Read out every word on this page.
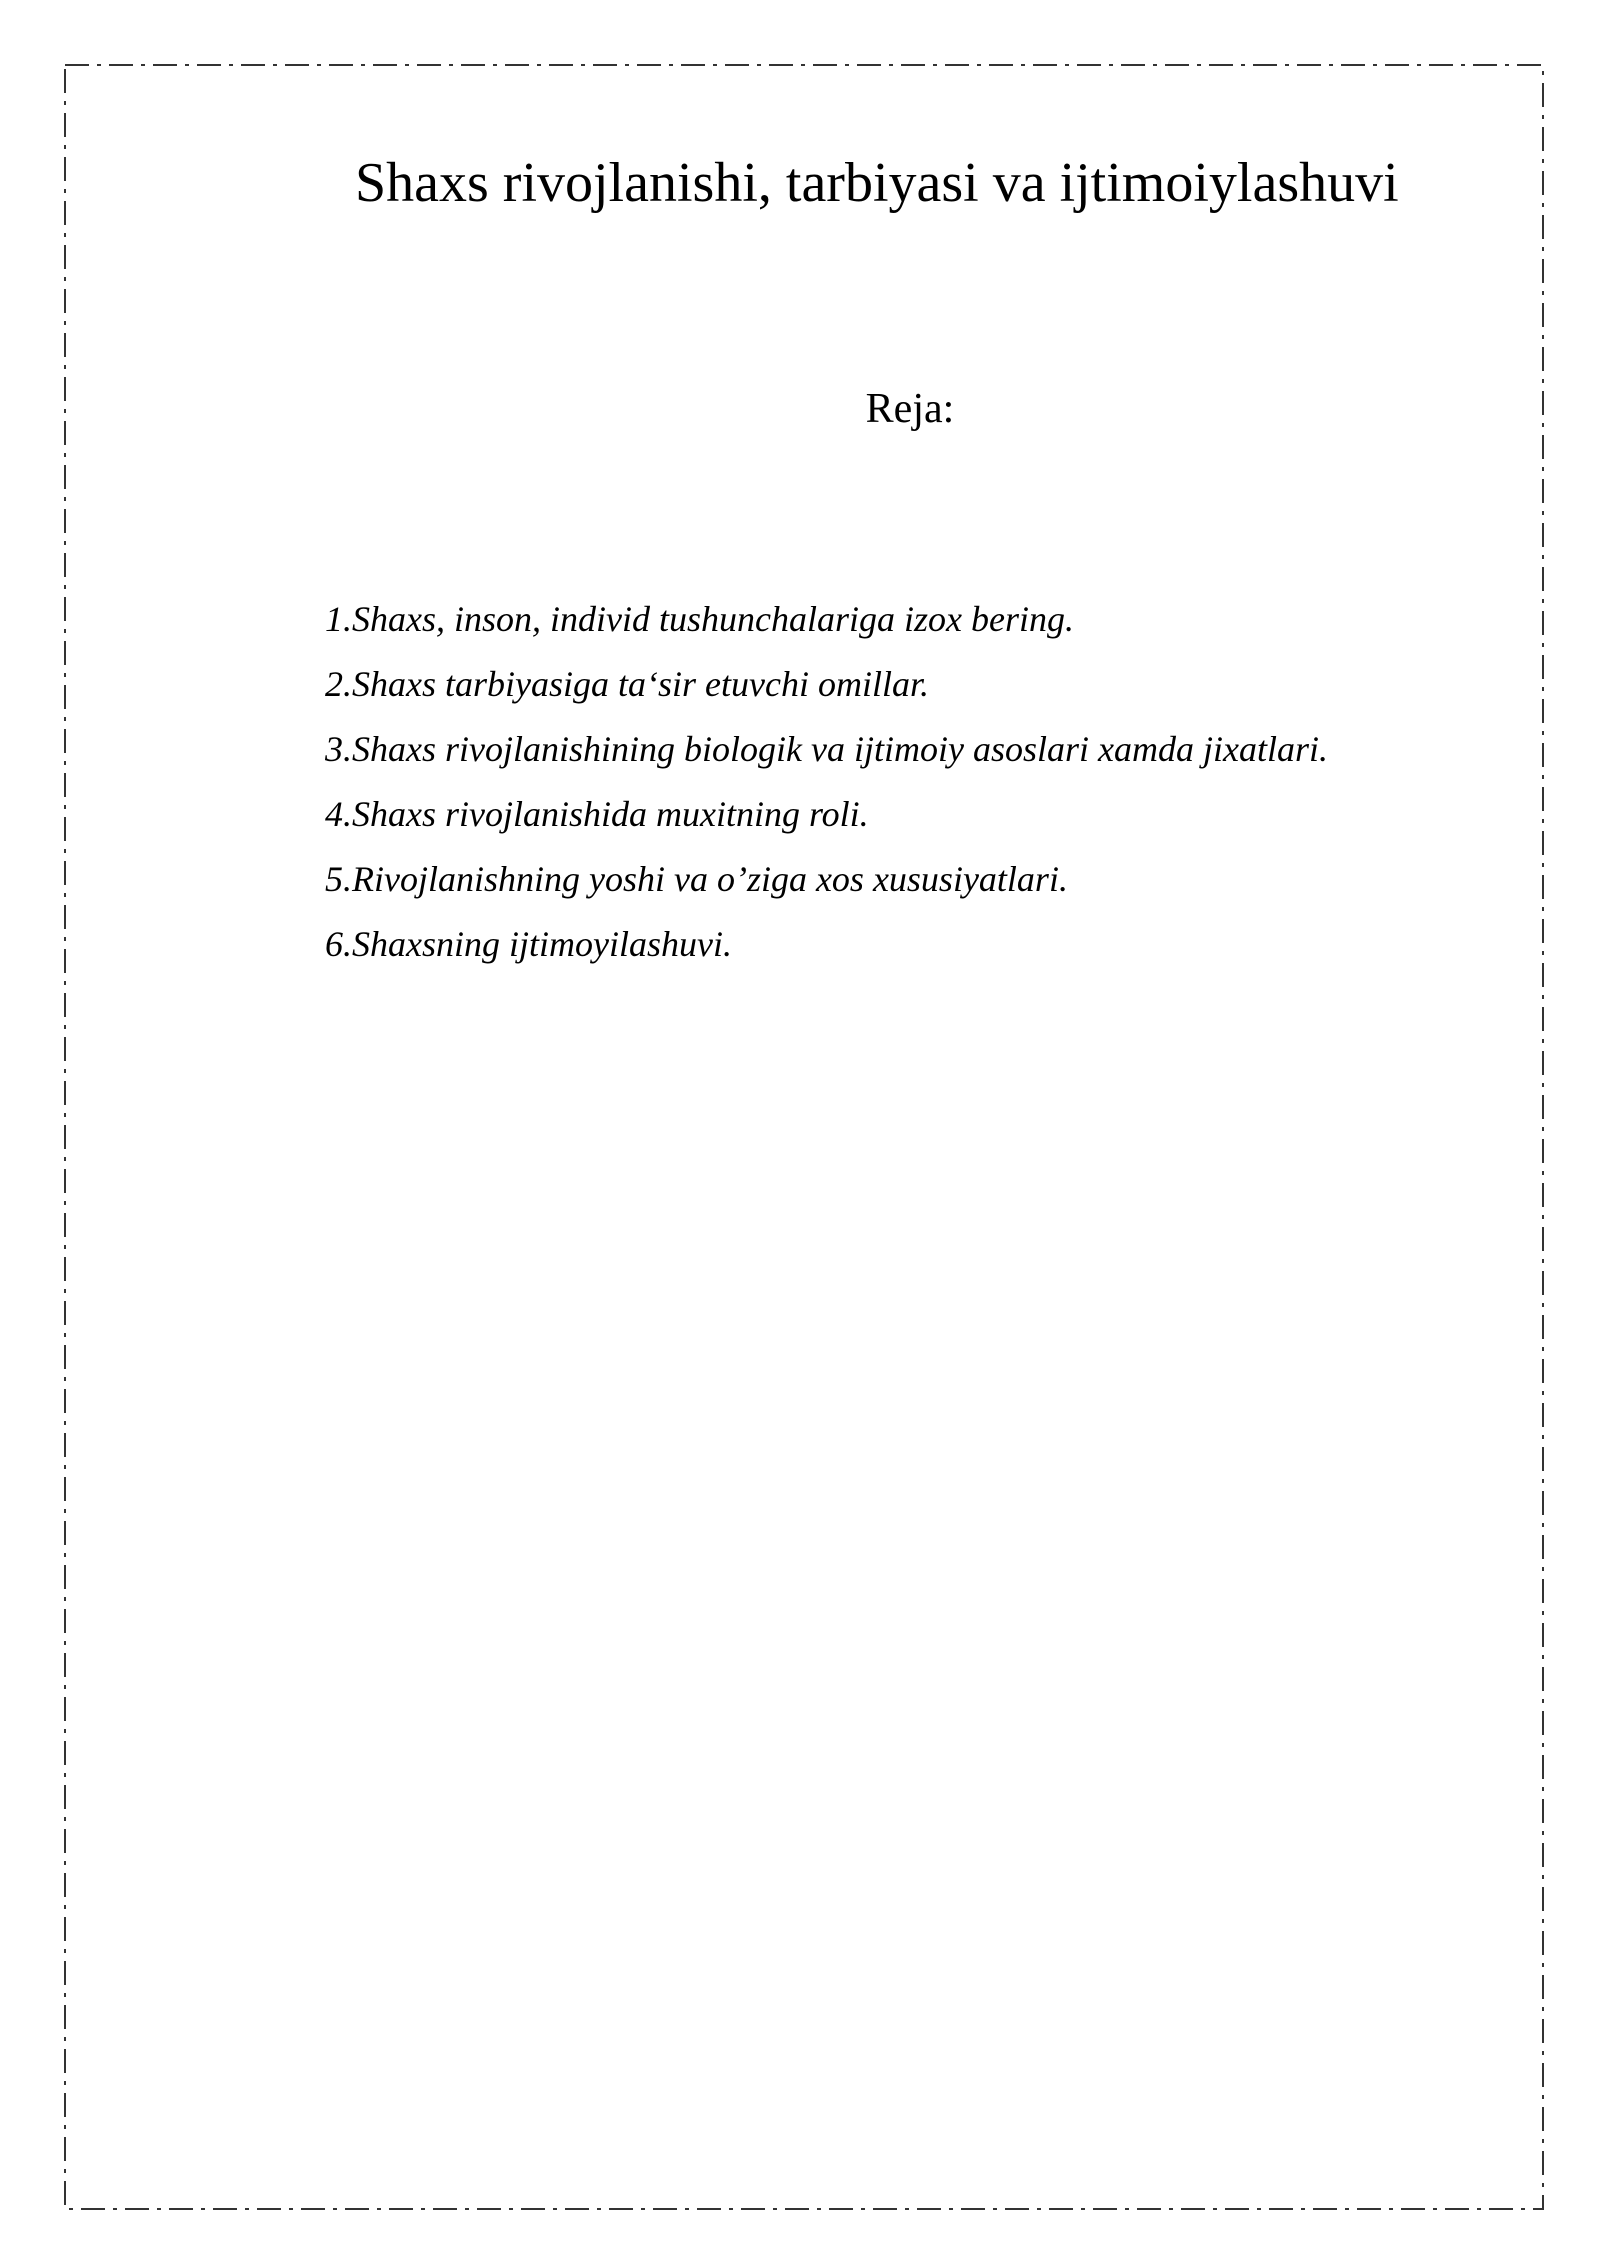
Shaxs rivojlanishi, tarbiyasi va ijtimoiylashuvi
Reja:
1.Shaxs, inson, individ tushunchalariga izox bering.
2.Shaxs tarbiyasiga ta‘sir etuvchi omillar.
3.Shaxs rivojlanishining biologik va ijtimoiy asoslari xamda jixatlari.
4.Shaxs rivojlanishida muxitning roli.
5.Rivojlanishning yoshi va o’ziga xos xususiyatlari.
6.Shaxsning ijtimoyilashuvi.
